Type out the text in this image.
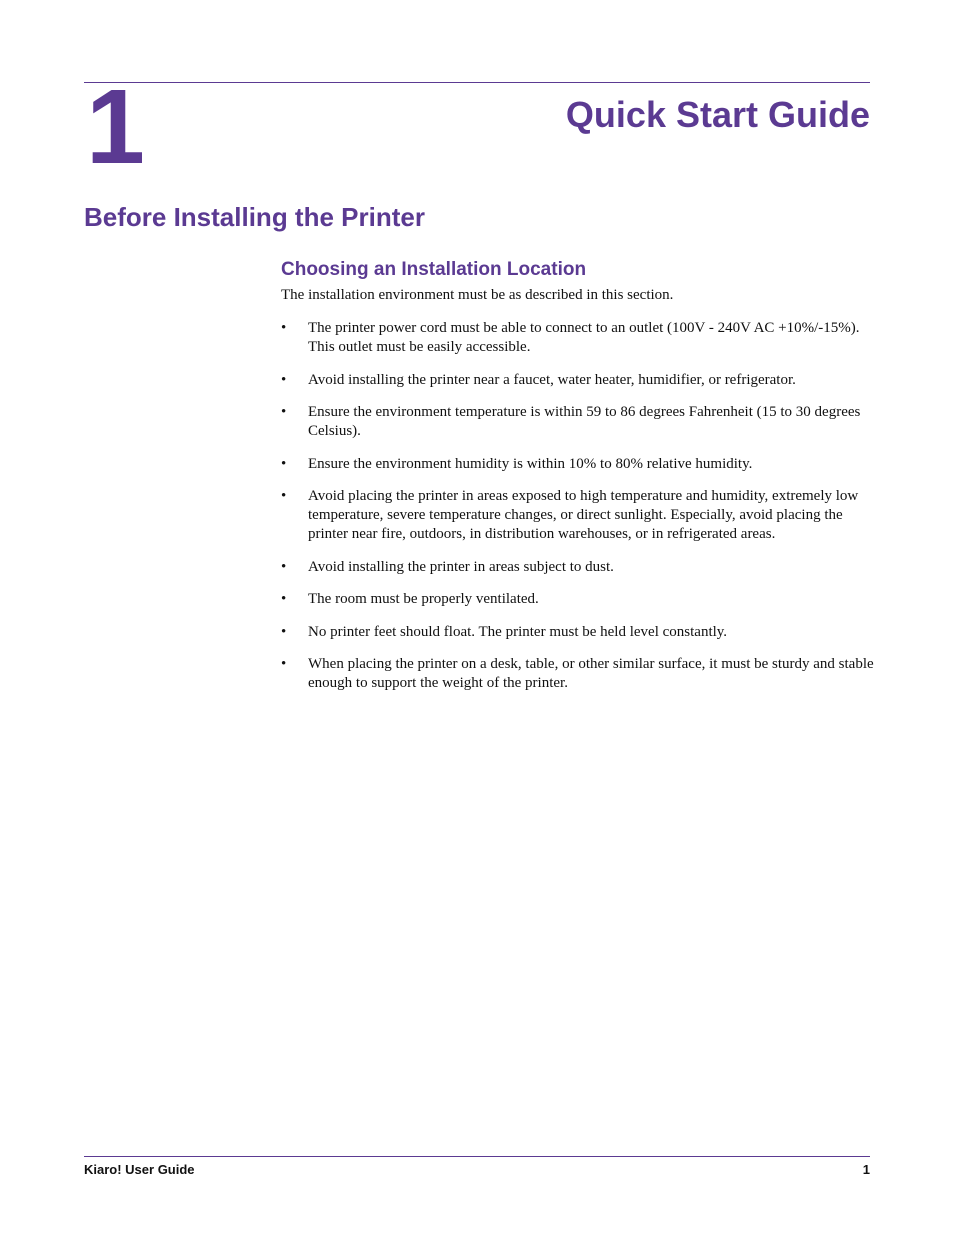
1	Quick Start Guide
Before Installing the Printer
Choosing an Installation Location
The installation environment must be as described in this section.
• The printer power cord must be able to connect to an outlet (100V - 240V AC +10%/-15%). This outlet must be easily accessible.
• Avoid installing the printer near a faucet, water heater, humidifier, or refrigerator.
• Ensure the environment temperature is within 59 to 86 degrees Fahrenheit (15 to 30 degrees Celsius).
• Ensure the environment humidity is within 10% to 80% relative humidity.
• Avoid placing the printer in areas exposed to high temperature and humidity, extremely low temperature, severe temperature changes, or direct sunlight. Especially, avoid placing the printer near fire, outdoors, in distribution warehouses, or in refrigerated areas.
• Avoid installing the printer in areas subject to dust.
• The room must be properly ventilated.
• No printer feet should float. The printer must be held level constantly.
• When placing the printer on a desk, table, or other similar surface, it must be sturdy and stable enough to support the weight of the printer.
Kiaro! User Guide	1
